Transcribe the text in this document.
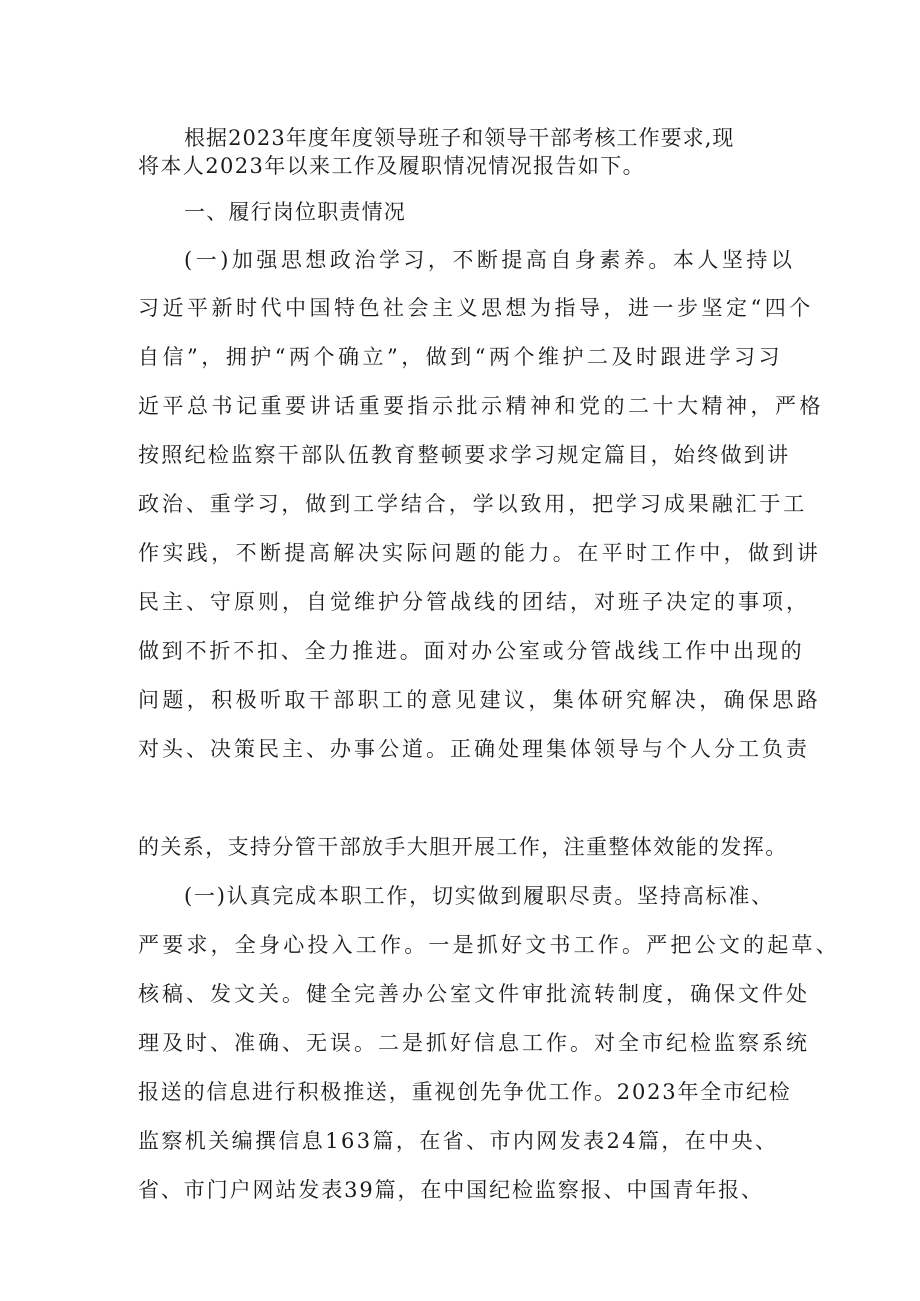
根据2023年度年度领导班子和领导干部考核工作要求,现
将本人2023年以来工作及履职情况情况报告如下。
一、履行岗位职责情况
(一)加强思想政治学习，不断提高自身素养。本人坚持以
习近平新时代中国特色社会主义思想为指导，进一步坚定“四个
自信”，拥护“两个确立”，做到“两个维护二及时跟进学习习
近平总书记重要讲话重要指示批示精神和党的二十大精神，严格
按照纪检监察干部队伍教育整顿要求学习规定篇目，始终做到讲
政治、重学习，做到工学结合，学以致用，把学习成果融汇于工
作实践，不断提高解决实际问题的能力。在平时工作中，做到讲
民主、守原则，自觉维护分管战线的团结，对班子决定的事项，
做到不折不扣、全力推进。面对办公室或分管战线工作中出现的
问题，积极听取干部职工的意见建议，集体研究解决，确保思路
对头、决策民主、办事公道。正确处理集体领导与个人分工负责
的关系，支持分管干部放手大胆开展工作，注重整体效能的发挥。
(一)认真完成本职工作，切实做到履职尽责。坚持高标准、
严要求，全身心投入工作。一是抓好文书工作。严把公文的起草、
核稿、发文关。健全完善办公室文件审批流转制度，确保文件处
理及时、准确、无误。二是抓好信息工作。对全市纪检监察系统
报送的信息进行积极推送，重视创先争优工作。2023年全市纪检
监察机关编撰信息163篇，在省、市内网发表24篇，在中央、
省、市门户网站发表39篇，在中国纪检监察报、中国青年报、
